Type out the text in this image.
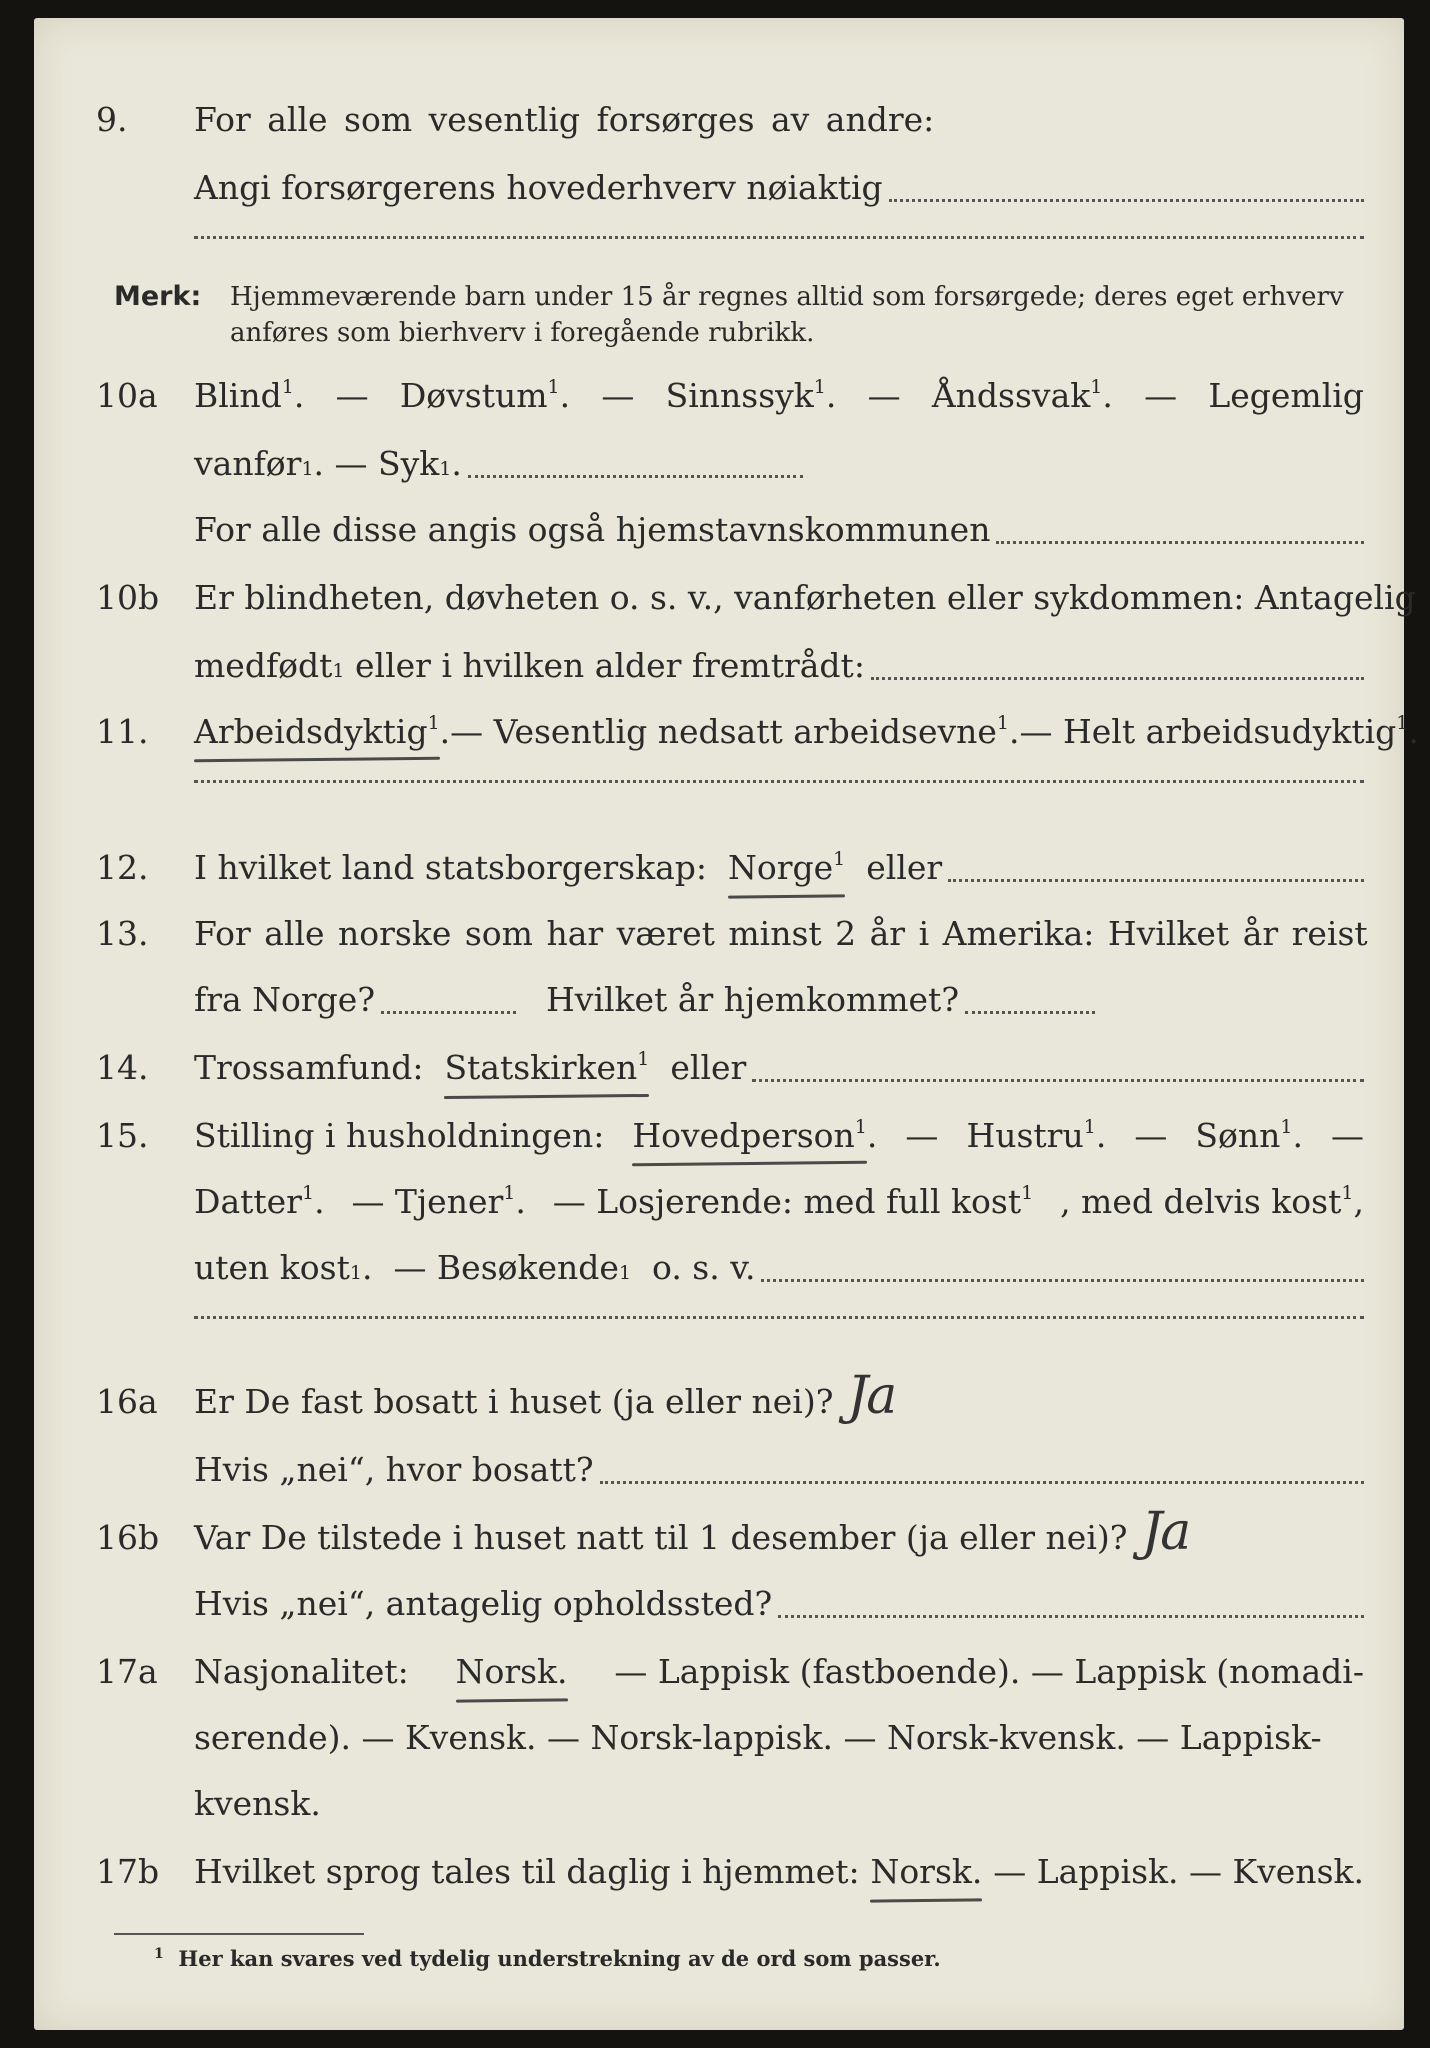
9.	For alle som vesentlig forsørges av andre:
Angi forsørgerens hovederhverv nøiaktig
Merk: Hjemmeværende barn under 15 år regnes alltid som forsørgede; deres eget erhverv
anføres som bierhverv i foregående rubrikk.
10a	Blind$^1$. — Døvstum$^1$. — Sinnssyk$^1$. — Åndssvak$^1$. — Legemlig
vanfør 1 . —
Syk 1 .
For alle disse angis også hjemstavnskommunen
10b	Er blindheten, døvheten o. s. v., vanførheten eller sykdommen: Antagelig
medfødt 1
eller i hvilken alder fremtrådt:
11.	Arbeidsdyktig$^1$. — Vesentlig nedsatt arbeidsevne$^1$. — Helt arbeidsudyktig$^1$.
12.	I hvilket land statsborgerskap:
Norge$^1$
eller
13.	For alle norske som har været minst 2 år i Amerika: Hvilket år reist
fra Norge?	Hvilket år hjemkommet?
14.	Trossamfund:
Statskirken$^1$
eller
15.	Stilling i husholdningen: Hovedperson$^1$. — Hustru$^1$. — Sønn$^1$. —
Datter$^1$. — Tjener$^1$. — Losjerende: med full kost$^1$ , med delvis kost$^1$,
uten kost 1 . — Besøkende 1
o. s. v.
16a	Er De fast bosatt i huset (ja eller nei)? Ja
Hvis „nei“, hvor bosatt?
16b	Var De tilstede i huset natt til 1 desember (ja eller nei)? Ja
Hvis „nei“, antagelig opholdssted?
17a	Nasjonalitet: Norsk. — Lappisk (fastboende). — Lappisk (nomadi-
serende). — Kvensk. — Norsk-lappisk. — Norsk-kvensk. — Lappisk-
kvensk.
17b	Hvilket sprog tales til daglig i hjemmet: Norsk. — Lappisk. — Kvensk.
$^1$ Her kan svares ved tydelig understrekning av de ord som passer.
